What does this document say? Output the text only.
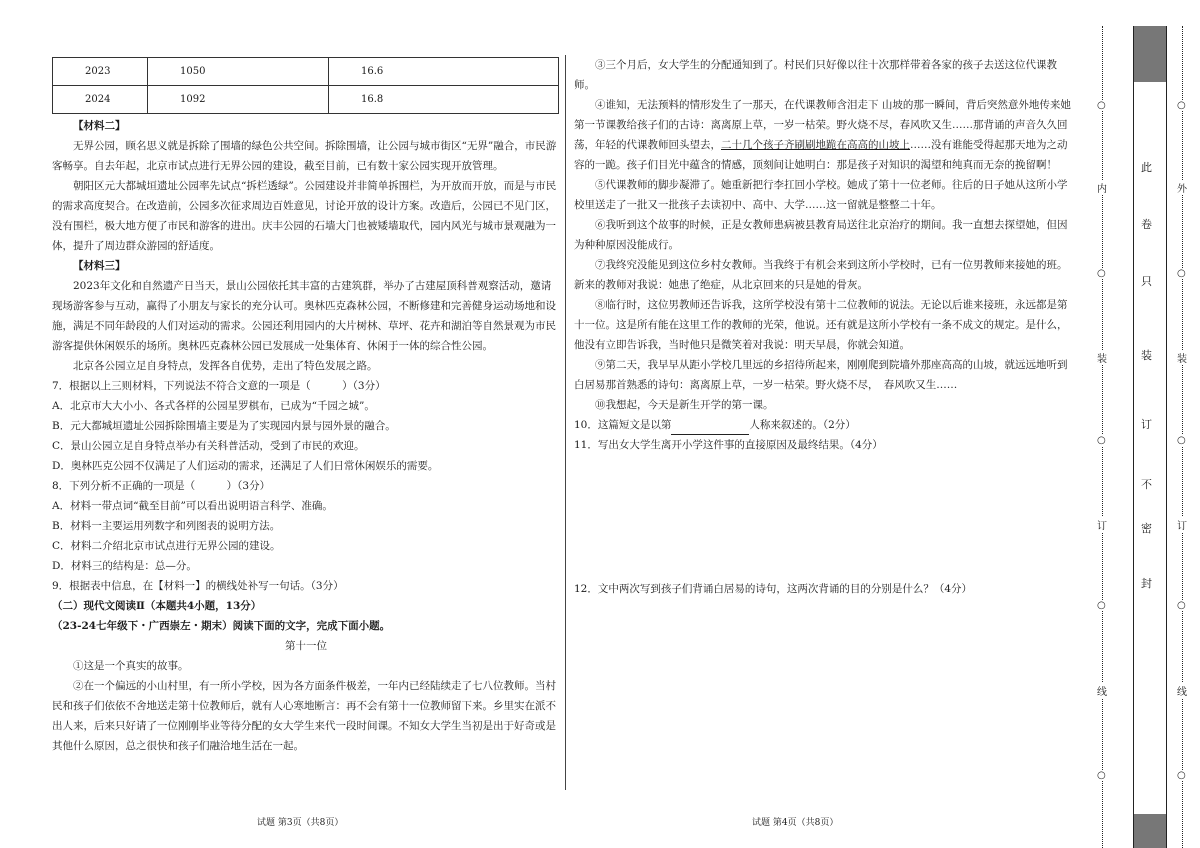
2023	1050	16.6
2024	1092	16.8

【材料二】

无界公园，顾名思义就是拆除了围墙的绿色公共空间。拆除围墙，让公园与城市街区“无界”融合，市民游客畅享。自去年起，北京市试点进行无界公园的建设，截至目前，已有数十家公园实现开放管理。

朝阳区元大都城垣遗址公园率先试点“拆栏透绿”。公园建设并非简单拆围栏，为开放而开放，而是与市民的需求高度契合。在改造前，公园多次征求周边百姓意见，讨论开放的设计方案。改造后，公园已不见门区，没有围栏，极大地方便了市民和游客的进出。庆丰公园的石墙大门也被矮墙取代，园内风光与城市景观融为一体，提升了周边群众游园的舒适度。

【材料三】

2023年文化和自然遗产日当天，景山公园依托其丰富的古建筑群，举办了古建屋顶科普观察活动，邀请现场游客参与互动，赢得了小朋友与家长的充分认可。奥林匹克森林公园，不断修建和完善健身运动场地和设施，满足不同年龄段的人们对运动的需求。公园还利用园内的大片树林、草坪、花卉和湖泊等自然景观为市民游客提供休闲娱乐的场所。奥林匹克森林公园已发展成一处集体育、休闲于一体的综合性公园。

北京各公园立足自身特点，发挥各自优势，走出了特色发展之路。

7．根据以上三则材料，下列说法不符合文意的一项是（　　　）（3分）

A．北京市大大小小、各式各样的公园星罗棋布，已成为“千园之城”。

B．元大都城垣遗址公园拆除围墙主要是为了实现园内景与园外景的融合。

C．景山公园立足自身特点举办有关科普活动，受到了市民的欢迎。

D．奥林匹克公园不仅满足了人们运动的需求，还满足了人们日常休闲娱乐的需要。

8．下列分析不正确的一项是（　　　）（3分）

A．材料一带点词“截至目前”可以看出说明语言科学、准确。

B．材料一主要运用列数字和列图表的说明方法。

C．材料二介绍北京市试点进行无界公园的建设。

D．材料三的结构是：总—分。

9．根据表中信息，在【材料一】的横线处补写一句话。（3分）

（二）现代文阅读Ⅱ（本题共4小题，13分）

（23-24七年级下・广西崇左・期末）阅读下面的文字，完成下面小题。

第十一位

①这是一个真实的故事。

②在一个偏远的小山村里，有一所小学校，因为各方面条件极差，一年内已经陆续走了七八位教师。当村民和孩子们依依不舍地送走第十位教师后，就有人心寒地断言：再不会有第十一位教师留下来。乡里实在派不出人来，后来只好请了一位刚刚毕业等待分配的女大学生来代一段时间课。不知女大学生当初是出于好奇或是其他什么原因，总之很快和孩子们融洽地生活在一起。

③三个月后，女大学生的分配通知到了。村民们只好像以往十次那样带着各家的孩子去送这位代课教师。

④谁知，无法预料的情形发生了一那天，在代课教师含泪走下 山坡的那一瞬间，背后突然意外地传来她第一节课教给孩子们的古诗：离离原上草，一岁一枯荣。野火烧不尽，春风吹又生……那背诵的声音久久回荡，年轻的代课教师回头望去，二十几个孩子齐刷刷地跪在高高的山坡上……没有谁能受得起那天地为之动容的一跪。孩子们目光中蕴含的情感，顶刻间让她明白：那是孩子对知识的渴望和纯真而无奈的挽留啊！

⑤代课教师的脚步凝滞了。她重新把行李扛回小学校。她成了第十一位老师。往后的日子她从这所小学校里送走了一批又一批孩子去读初中、高中、大学……这一留就是整整二十年。

⑥我听到这个故事的时候，正是女教师患病被县教育局送往北京治疗的期间。我一直想去探望她，但因为种种原因没能成行。

⑦我终究没能见到这位乡村女教师。当我终于有机会来到这所小学校时，已有一位男教师来接她的班。新来的教师对我说：她患了绝症，从北京回来的只是她的骨灰。

⑧临行时，这位男教师还告诉我，这所学校没有第十二位教师的说法。无论以后谁来接班，永远都是第十一位。这是所有能在这里工作的教师的光荣，他说。还有就是这所小学校有一条不成文的规定。是什么，他没有立即告诉我，当时他只是微笑着对我说：明天早晨，你就会知道。

⑨第二天，我早早从距小学校几里远的乡招待所起来，刚刚爬到院墙外那座高高的山坡，就远远地听到白居易那首熟悉的诗句：离离原上草，一岁一枯荣。野火烧不尽，　春风吹又生……

⑩我想起，今天是新生开学的第一课。

10．这篇短文是以第	人称来叙述的。（2分）

11．写出女大学生离开小学这件事的直接原因及最终结果。（4分）

12．文中两次写到孩子们背诵白居易的诗句，这两次背诵的目的分别是什么？（4分）

试题 第3页（共8页）	试题 第4页（共8页）
此
卷
只
装
订
不
密
封
内
装
订
线
外
装
订
线
○
○
○
○
○
○
○
○
○
○
